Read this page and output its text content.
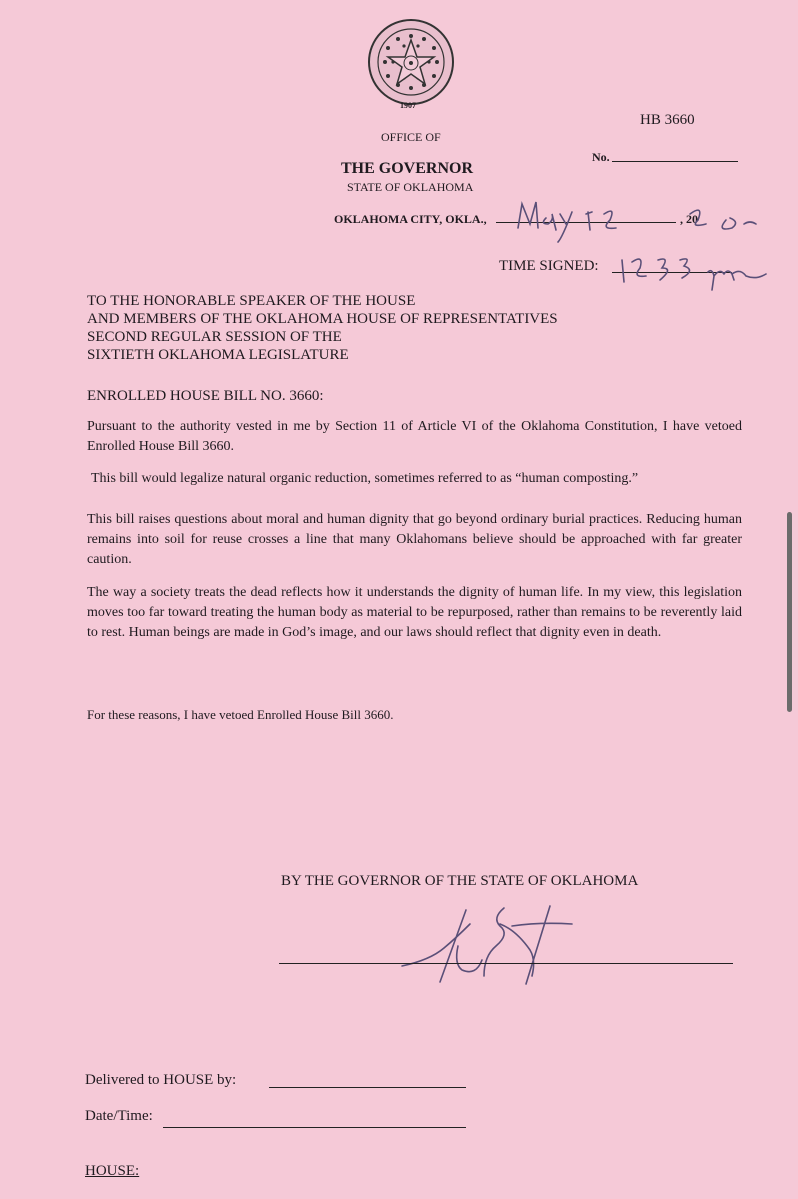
1907
OFFICE OF
THE GOVERNOR
STATE OF OKLAHOMA
HB 3660
No.
OKLAHOMA CITY, OKLA.,	, 20
TIME SIGNED:
TO THE HONORABLE SPEAKER OF THE HOUSE
AND MEMBERS OF THE OKLAHOMA HOUSE OF REPRESENTATIVES
SECOND REGULAR SESSION OF THE
SIXTIETH OKLAHOMA LEGISLATURE
ENROLLED HOUSE BILL NO. 3660:
Pursuant to the authority vested in me by Section 11 of Article VI of the Oklahoma Constitution, I have vetoed Enrolled House Bill 3660.
This bill would legalize natural organic reduction, sometimes referred to as “human composting.”
This bill raises questions about moral and human dignity that go beyond ordinary burial practices. Reducing human remains into soil for reuse crosses a line that many Oklahomans believe should be approached with far greater caution.
The way a society treats the dead reflects how it understands the dignity of human life. In my view, this legislation moves too far toward treating the human body as material to be repurposed, rather than remains to be reverently laid to rest. Human beings are made in God’s image, and our laws should reflect that dignity even in death.
For these reasons, I have vetoed Enrolled House Bill 3660.
BY THE GOVERNOR OF THE STATE OF OKLAHOMA
Delivered to HOUSE by:
Date/Time:
HOUSE:
